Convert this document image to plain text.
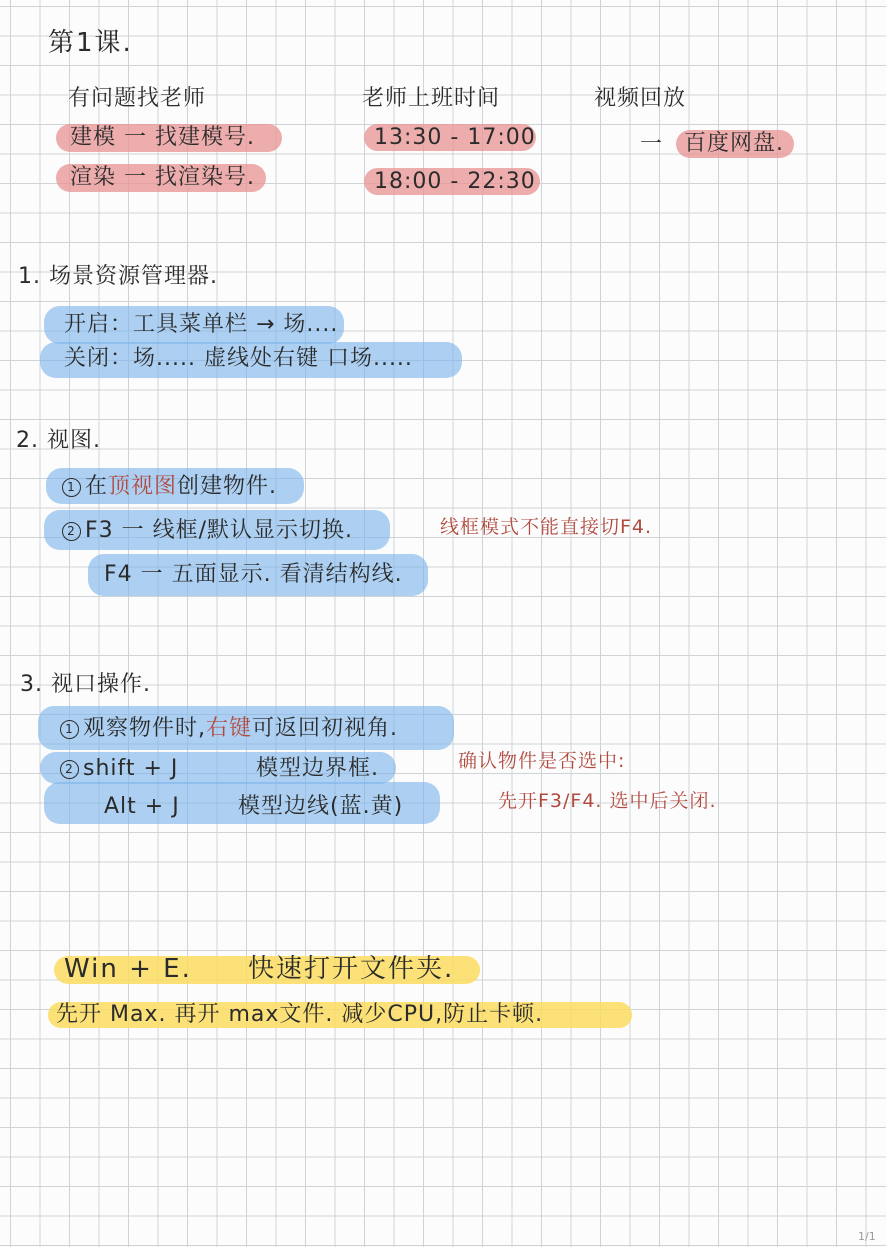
第1课.
有问题找老师
建模 一 找建模号.
渲染 一 找渲染号.
老师上班时间
13:30 - 17:00
18:00 - 22:30
视频回放
一 百度网盘.
1. 场景资源管理器.
开启：工具菜单栏 → 场....
关闭：场..... 虚线处右键 口场.....
2. 视图.
1 在顶视图创建物件.
2 F3 一 线框/默认显示切换.
F4 一 五面显示. 看清结构线.
线框模式不能直接切F4.
3. 视口操作.
1 观察物件时,右键可返回初视角.
2 shift + J	模型边界框.
Alt + J	模型边线(蓝.黄)
确认物件是否选中:
先开F3/F4. 选中后关闭.
Win + E. 快速打开文件夹.
先开 Max. 再开 max文件. 减少CPU,防止卡顿.
1/1
